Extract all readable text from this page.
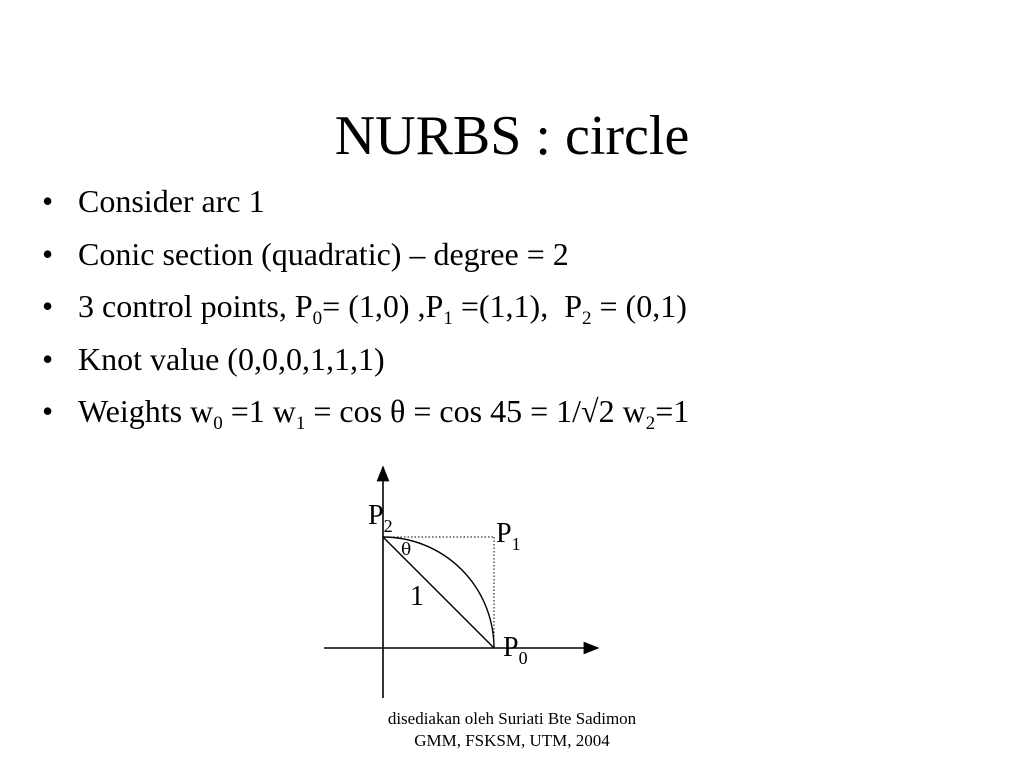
NURBS : circle
• Consider arc 1
• Conic section (quadratic) – degree = 2
• 3 control points, $P_0= (1,0)$ $,P_1 =(1,1)$,  $P_2 = (0,1)$
• Knot value (0,0,0,1,1,1)
• Weights $w_0 =1$ $w_1 = \cos \theta = \cos 45 = 1/√2$ $w_2=1$
$P_2$	$P_1$
$P_0$
θ
1
disediakan oleh Suriati Bte Sadimon
GMM, FSKSM, UTM, 2004
